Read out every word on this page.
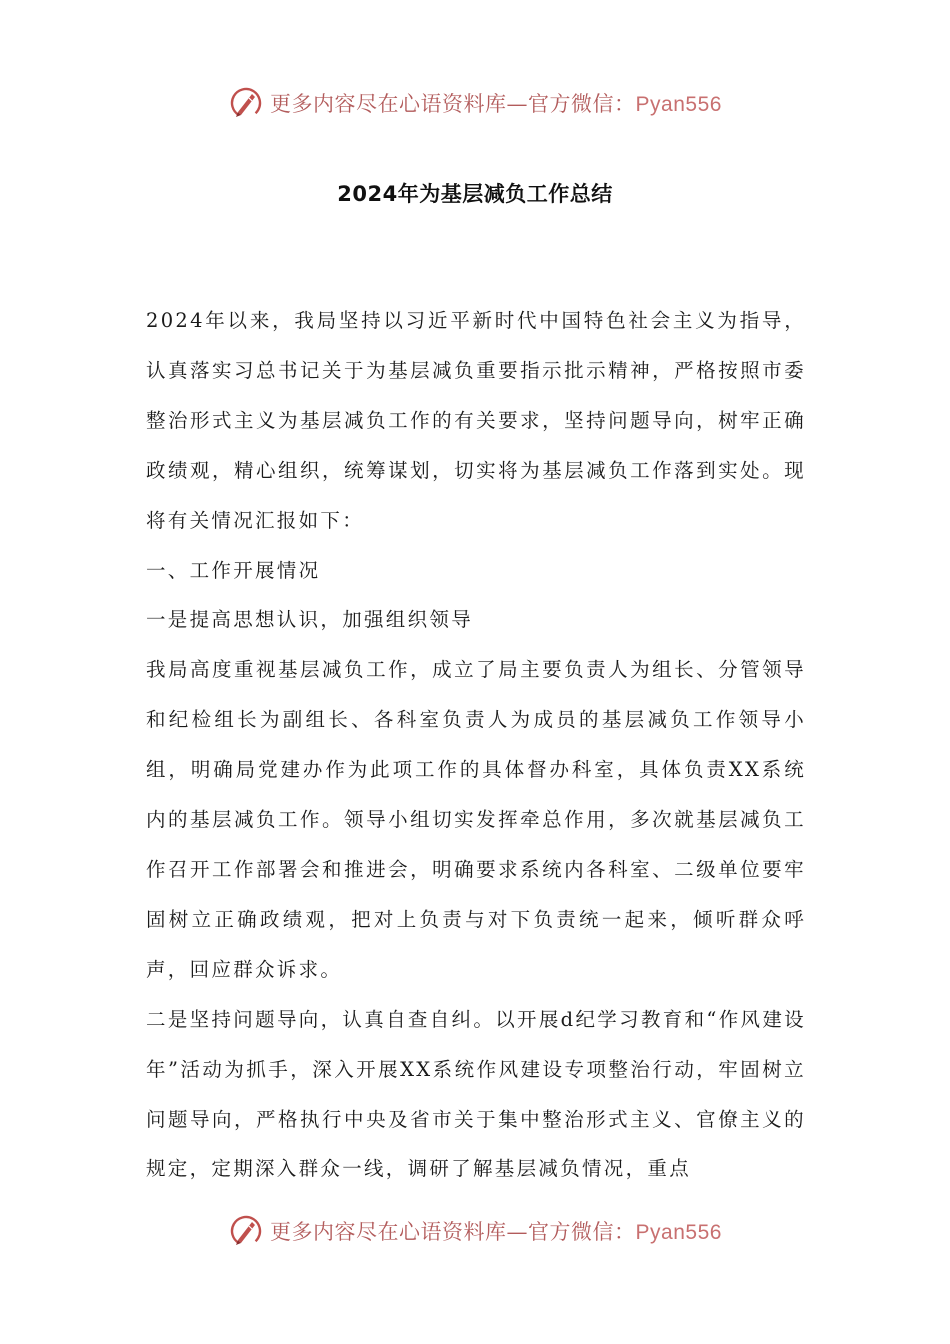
更多内容尽在心语资料库—官方微信：Pyan556
2024年为基层减负工作总结

2024年以来，我局坚持以习近平新时代中国特色社会主义为指导，认真落实习总书记关于为基层减负重要指示批示精神，严格按照市委整治形式主义为基层减负工作的有关要求，坚持问题导向，树牢正确政绩观，精心组织，统筹谋划，切实将为基层减负工作落到实处。现将有关情况汇报如下：

一、工作开展情况

一是提高思想认识，加强组织领导

我局高度重视基层减负工作，成立了局主要负责人为组长、分管领导和纪检组长为副组长、各科室负责人为成员的基层减负工作领导小组，明确局党建办作为此项工作的具体督办科室，具体负责XX系统内的基层减负工作。领导小组切实发挥牵总作用，多次就基层减负工作召开工作部署会和推进会，明确要求系统内各科室、二级单位要牢固树立正确政绩观，把对上负责与对下负责统一起来，倾听群众呼声，回应群众诉求。

二是坚持问题导向，认真自查自纠。以开展d纪学习教育和“作风建设年”活动为抓手，深入开展XX系统作风建设专项整治行动，牢固树立问题导向，严格执行中央及省市关于集中整治形式主义、官僚主义的规定，定期深入群众一线，调研了解基层减负情况，重点

更多内容尽在心语资料库—官方微信：Pyan556
